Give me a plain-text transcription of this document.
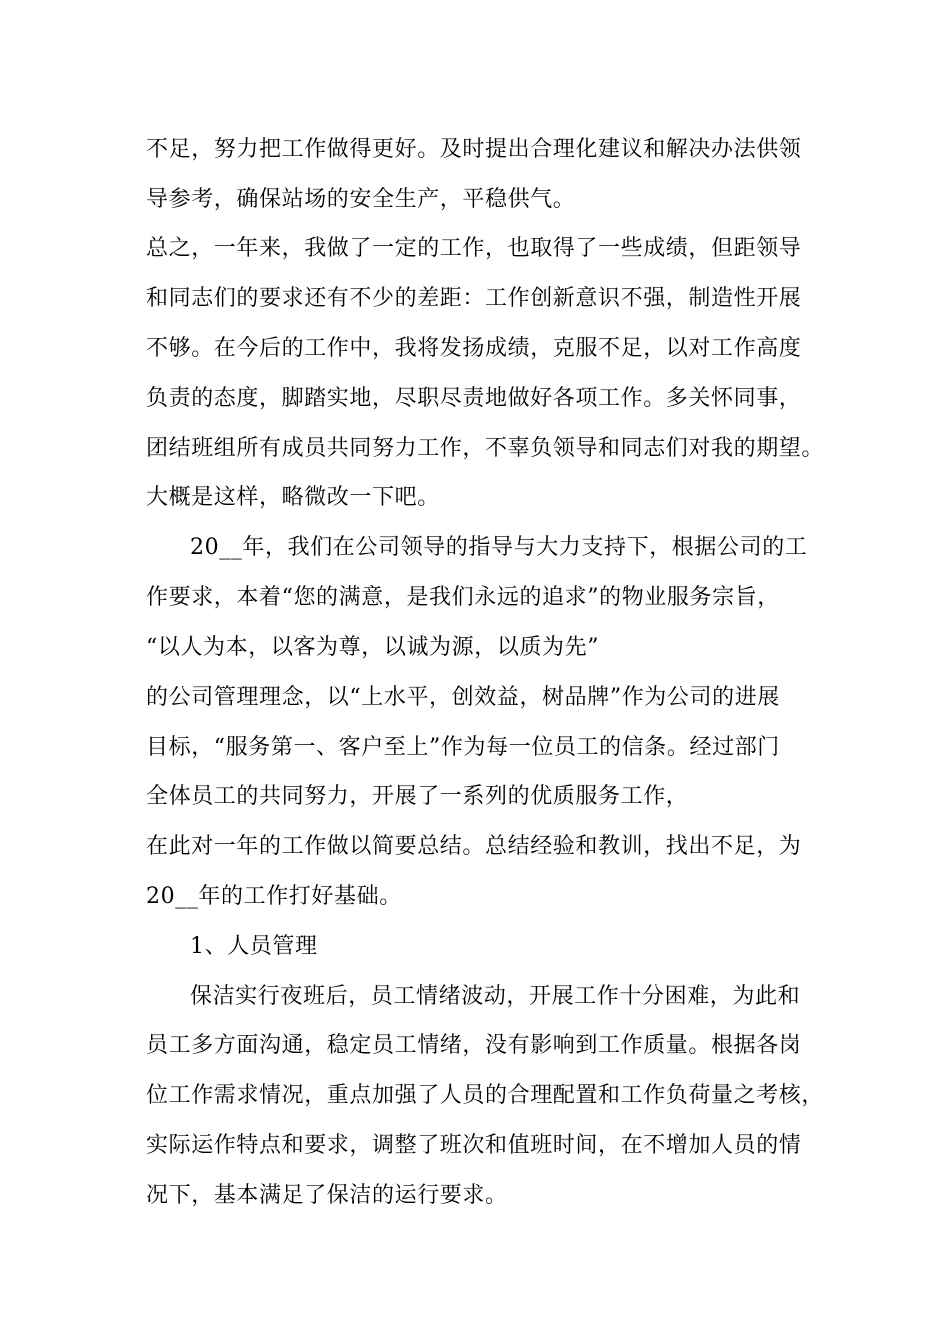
不足，努力把工作做得更好。及时提出合理化建议和解决办法供领
导参考，确保站场的安全生产，平稳供气。
总之，一年来，我做了一定的工作，也取得了一些成绩，但距领导
和同志们的要求还有不少的差距：工作创新意识不强，制造性开展
不够。在今后的工作中，我将发扬成绩，克服不足，以对工作高度
负责的态度，脚踏实地，尽职尽责地做好各项工作。多关怀同事，
团结班组所有成员共同努力工作，不辜负领导和同志们对我的期望。
大概是这样，略微改一下吧。
20__年，我们在公司领导的指导与大力支持下，根据公司的工
作要求，本着“您的满意，是我们永远的追求”的物业服务宗旨，
“以人为本，以客为尊，以诚为源，以质为先”
的公司管理理念，以“上水平，创效益，树品牌”作为公司的进展
目标，“服务第一、客户至上”作为每一位员工的信条。经过部门
全体员工的共同努力，开展了一系列的优质服务工作，
在此对一年的工作做以简要总结。总结经验和教训，找出不足，为
20__年的工作打好基础。
1、人员管理
保洁实行夜班后，员工情绪波动，开展工作十分困难，为此和
员工多方面沟通，稳定员工情绪，没有影响到工作质量。根据各岗
位工作需求情况，重点加强了人员的合理配置和工作负荷量之考核，
实际运作特点和要求，调整了班次和值班时间，在不增加人员的情
况下，基本满足了保洁的运行要求。
